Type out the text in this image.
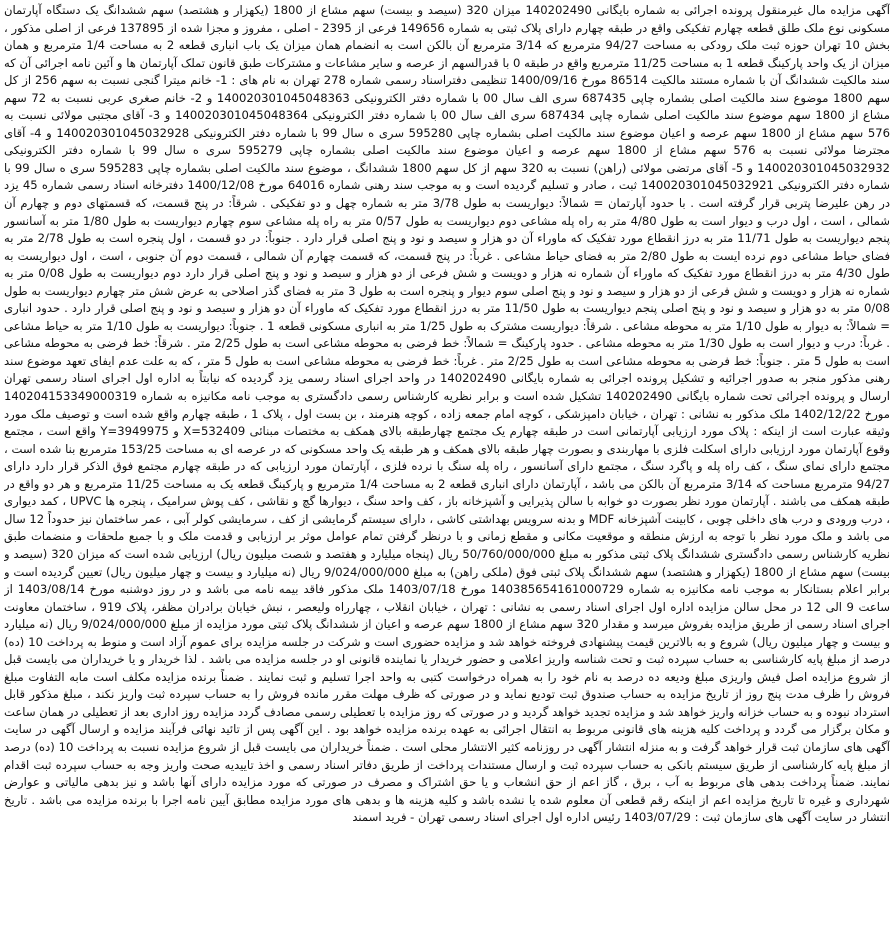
آگهی مزایده مال غیرمنقول پرونده اجرائی به شماره بایگانی 140202490 میزان 320 (سیصد و بیست) سهم مشاع از 1800 (یکهزار و هشتصد) سهم ششدانگ یک دستگاه آپارتمان مسکونی نوع ملک طلق قطعه چهارم تفکیکی واقع در طبقه چهارم دارای پلاک ثبتی به شماره 149656 فرعی از 2395 - اصلی ، مفروز و مجزا شده از 137895 فرعی از اصلی مذکور ، بخش 10 تهران حوزه ثبت ملک رودکی به مساحت 94/27 مترمربع که 3/14 مترمربع آن بالکن است به انضمام همان میزان یک باب انباری قطعه 2 به مساحت 1/4 مترمربع و همان میزان از یک واحد پارکینگ قطعه 1 به مساحت 11/25 مترمربع واقع در طبقه 0 با قدرالسهم از عرصه و سایر مشاعات و مشترکات طبق قانون تملک آپارتمان ها و آئین نامه اجرائی آن که سند مالکیت ششدانگ آن با شماره مستند مالکیت 86514 مورخ 1400/09/16 تنظیمی دفتراسناد رسمی شماره 278 تهران به نام های : 1- خانم میترا گنجی نسبت به سهم 256 از کل سهم 1800 موضوع سند مالکیت اصلی بشماره چاپی 687435 سری الف سال 00 با شماره دفتر الکترونیکی 140020301045048363 و 2- خانم صغری عربی نسبت به 72 سهم مشاع از 1800 سهم موضوع سند مالکیت اصلی شماره چاپی 687434 سری الف سال 00 با شماره دفتر الکترونیکی 140020301045048364 و 3- آقای مجتبی مولائی نسبت به 576 سهم مشاع از 1800 سهم عرصه و اعیان موضوع سند مالکیت اصلی بشماره چاپی 595280 سری ه سال 99 با شماره دفتر الکترونیکی 140020301045032928 و 4- آقای مجترضا مولائی نسبت به 576 سهم مشاع از 1800 سهم عرصه و اعیان موضوع سند مالکیت اصلی بشماره چاپی 595279 سری ه سال 99 با شماره دفتر الکترونیکی 140020301045032932 و 5- آقای مرتضی مولائی (راهن) نسبت به 320 سهم از کل سهم 1800 ششدانگ ، موضوع سند مالکیت اصلی بشماره چاپی 595283 سری ه سال 99 با شماره دفتر الکترونیکی 140020301045032921 ثبت ، صادر و تسلیم گردیده است و به موجب سند رهنی شماره 64016 مورخ 1400/12/08 دفترخانه اسناد رسمی شماره 45 یزد در رهن علیرضا پتربی قرار گرفته است . با حدود آپارتمان = شمالاً: دیواریست به طول 3/78 متر به شماره چهل و دو تفکیکی . شرقاً: در پنج قسمت، که قسمتهای دوم و چهارم آن شمالی ، است ، اول درب و دیوار است به طول 4/80 متر به راه پله مشاعی دوم دیواریست به طول 0/57 متر به راه پله مشاعی سوم چهارم دیواریست به طول 1/80 متر به آسانسور پنجم دیواریست به طول 11/71 متر به درز انقطاع مورد تفکیک که ماوراء آن دو هزار و سیصد و نود و پنج اصلی قرار دارد . جنوباً: در دو قسمت ، اول پنجره است به طول 2/78 متر به فضای حیاط مشاعی دوم نرده ایست به طول 2/80 متر به فضای حیاط مشاعی . غرباً: در پنج قسمت، که قسمت چهارم آن شمالی ، قسمت دوم آن جنوبی ، است ، اول دیواریست به طول 4/30 متر به درز انقطاع مورد تفکیک که ماوراء آن شماره نه هزار و دویست و شش فرعی از دو هزار و سیصد و نود و پنج اصلی قرار دارد دوم دیواریست به طول 0/08 متر به شماره نه هزار و دویست و شش فرعی از دو هزار و سیصد و نود و پنج اصلی سوم دیوار و پنجره است به طول 3 متر به فضای گذر اصلاحی به عرض شش متر چهارم دیواریست به طول 0/08 متر به دو هزار و سیصد و نود و پنج اصلی پنجم دیواریست به طول 11/50 متر به درز انقطاع مورد تفکیک که ماوراء آن دو هزار و سیصد و نود و پنج اصلی قرار دارد . حدود انباری = شمالاً: به دیوار به طول 1/10 متر به محوطه مشاعی . شرقاً: دیواریست مشترک به طول 1/25 متر به انباری مسکونی قطعه 1 . جنوباً: دیواریست به طول 1/10 متر به حیاط مشاعی . غرباً: درب و دیوار است به طول 1/30 متر به محوطه مشاعی . حدود پارکینگ = شمالاً: خط فرضی به محوطه مشاعی است به طول 2/25 متر . شرقاً: خط فرضی به محوطه مشاعی است به طول 5 متر . جنوباً: خط فرضی به محوطه مشاعی است به طول 2/25 متر . غرباً: خط فرضی به محوطه مشاعی است به طول 5 متر ، که به علت عدم ایفای تعهد موضوع سند رهنی مذکور منجر به صدور اجرائیه و تشکیل پرونده اجرائی به شماره بایگانی 140202490 در واحد اجرای اسناد رسمی یزد گردیده که نیابتاً به اداره اول اجرای اسناد رسمی تهران ارسال و پرونده اجرائی تحت شماره بایگانی 140202490 تشکیل شده است و برابر نظریه کارشناس رسمی دادگستری به موجب نامه مکانیزه به شماره 140204153349000319 مورخ 1402/12/22 ملک مذکور به نشانی : تهران ، خیابان دامپزشکی ، کوچه امام جمعه زاده ، کوچه هنرمند ، بن بست اول ، پلاک 1 ، طبقه چهارم واقع شده است و توصیف ملک مورد وثیقه عبارت است از اینکه : پلاک مورد ارزیابی آپارتمانی است در طبقه چهارم یک مجتمع چهارطبقه بالای همکف به مختصات مبنائی X=532409 و Y=3949975 واقع است ، مجتمع وقوع آپارتمان مورد ارزیابی دارای اسکلت فلزی با مهاربندی و بصورت چهار طبقه بالای همکف و هر طبقه یک واحد مسکونی که در عرصه ای به مساحت 153/25 مترمربع بنا شده است ، مجتمع دارای نمای سنگ ، کف راه پله و پاگرد سنگ ، مجتمع دارای آسانسور ، راه پله سنگ با نرده فلزی ، آپارتمان مورد ارزیابی که در طبقه چهارم مجتمع فوق الذکر قرار دارد دارای 94/27 مترمربع مساحت که 3/14 مترمربع آن بالکن می باشد ، آپارتمان دارای انباری قطعه 2 به مساحت 1/4 مترمربع و پارکینگ قطعه یک به مساحت 11/25 مترمربع و هر دو واقع در طبقه همکف می باشند . آپارتمان مورد نظر بصورت دو خوابه با سالن پذیرایی و آشپزخانه باز ، کف واحد سنگ ، دیوارها گچ و نقاشی ، کف پوش سرامیک ، پنجره ها UPVC ، کمد دیواری ، درب ورودی و درب های داخلی چوبی ، کابینت آشپزخانه MDF و بدنه سرویس بهداشتی کاشی ، دارای سیستم گرمایشی از کف ، سرمایشی کولر آبی ، عمر ساختمان نیز حدوداً 12 سال می باشد و ملک مورد نظر با توجه به ارزش منطقه و موقعیت مکانی و مقطع زمانی و با درنظر گرفتن تمام عوامل موثر بر ارزیابی و قدمت ملک و با جمیع ملحقات و منضمات طبق نظریه کارشناس رسمی دادگستری ششدانگ پلاک ثبتی مذکور به مبلغ 50/760/000/000 ریال (پنجاه میلیارد و هفتصد و شصت میلیون ریال) ارزیابی شده است که میزان 320 (سیصد و بیست) سهم مشاع از 1800 (یکهزار و هشتصد) سهم ششدانگ پلاک ثبتی فوق (ملکی راهن) به مبلغ 9/024/000/000 ریال (نه میلیارد و بیست و چهار میلیون ریال) تعیین گردیده است و برابر اعلام بستانکار به موجب نامه مکانیزه به شماره 140385654161000729 مورخ 1403/07/18 ملک مذکور فاقد بیمه نامه می باشد و در روز دوشنبه مورخ 1403/08/14 از ساعت 9 الی 12 در محل سالن مزایده اداره اول اجرای اسناد رسمی به نشانی : تهران ، خیابان انقلاب ، چهارراه ولیعصر ، نبش خیابان برادران مظفر، پلاک 919 ، ساختمان معاونت اجرای اسناد رسمی از طریق مزایده بفروش میرسد و مقدار 320 سهم مشاع از 1800 سهم عرصه و اعیان از ششدانگ پلاک ثبتی مورد مزایده از مبلغ 9/024/000/000 ریال (نه میلیارد و بیست و چهار میلیون ریال) شروع و به بالاترین قیمت پیشنهادی فروخته خواهد شد و مزایده حضوری است و شرکت در جلسه مزایده برای عموم آزاد است و منوط به پرداخت 10 (ده) درصد از مبلغ پایه کارشناسی به حساب سپرده ثبت و تحت شناسه واریز اعلامی و حضور خریدار یا نماینده قانونی او در جلسه مزایده می باشد . لذا خریدار و یا خریداران می بایست قبل از شروع مزایده اصل فیش واریزی مبلغ ودیعه ده درصد به نام خود را به همراه درخواست کتبی به واحد اجرا تسلیم و ثبت نمایند . ضمناً برنده مزایده مکلف است مابه التفاوت مبلغ فروش را ظرف مدت پنج روز از تاریخ مزایده به حساب صندوق ثبت تودیع نماید و در صورتی که ظرف مهلت مقرر مانده فروش را به حساب سپرده ثبت واریز نکند ، مبلغ مذکور قابل استرداد نبوده و به حساب خزانه واریز خواهد شد و مزایده تجدید خواهد گردید و در صورتی که روز مزایده با تعطیلی رسمی مصادف گردد مزایده روز اداری بعد از تعطیلی در همان ساعت و مکان برگزار می گردد و پرداخت کلیه هزینه های قانونی مربوط به انتقال اجرائی به عهده برنده مزایده خواهد بود . این آگهی پس از تائید نهائی فرآیند مزایده و ارسال آگهی در سایت آگهی های سازمان ثبت قرار خواهد گرفت و به منزله انتشار آگهی در روزنامه کثیر الانتشار محلی است . ضمناً خریداران می بایست قبل از شروع مزایده نسبت به پرداخت 10 (ده) درصد از مبلغ پایه کارشناسی از طریق سیستم بانکی به حساب سپرده ثبت و ارسال مستندات پرداخت از طریق دفاتر اسناد رسمی و اخذ تاییدیه صحت واریز وجه به حساب سپرده ثبت اقدام نمایند. ضمناً پرداخت بدهی های مربوط به آب ، برق ، گاز اعم از حق انشعاب و یا حق اشتراک و مصرف در صورتی که مورد مزایده دارای آنها باشد و نیز بدهی مالیاتی و عوارض شهرداری و غیره تا تاریخ مزایده اعم از اینکه رقم قطعی آن معلوم شده یا نشده باشد و کلیه هزینه ها و بدهی های مورد مزایده مطابق آیین نامه اجرا با برنده مزایده می باشد . تاریخ انتشار در سایت آگهی های سازمان ثبت : 1403/07/29 رئیس اداره اول اجرای اسناد رسمی تهران - فرید اسمند
